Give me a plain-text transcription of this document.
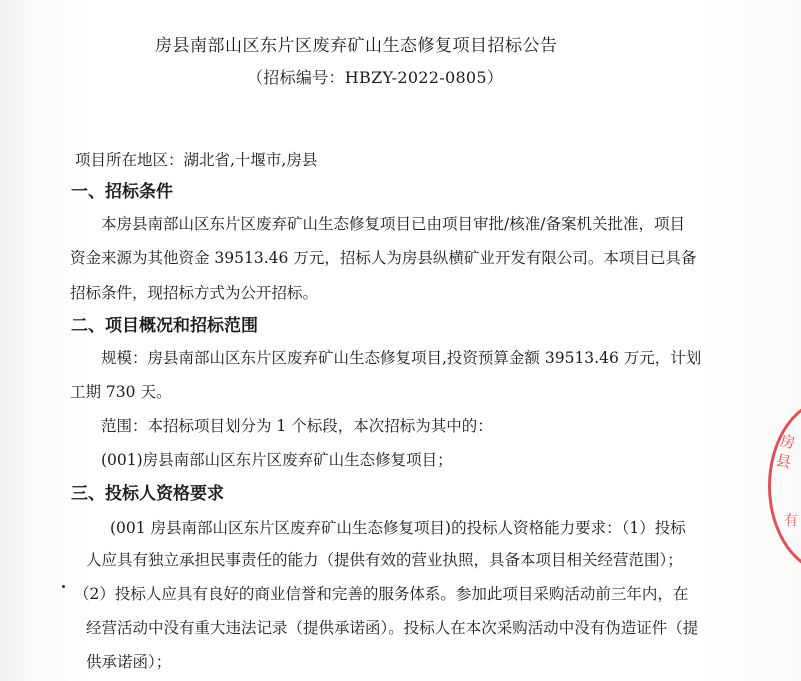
房县南部山区东片区废弃矿山生态修复项目招标公告
（招标编号：HBZY-2022-0805）
项目所在地区：湖北省,十堰市,房县
一、招标条件
本房县南部山区东片区废弃矿山生态修复项目已由项目审批/核准/备案机关批准，项目
资金来源为其他资金 39513.46 万元，招标人为房县纵横矿业开发有限公司。本项目已具备
招标条件，现招标方式为公开招标。
二、项目概况和招标范围
规模：房县南部山区东片区废弃矿山生态修复项目,投资预算金额 39513.46 万元，计划
工期 730 天。
范围：本招标项目划分为 1 个标段，本次招标为其中的：
(001)房县南部山区东片区废弃矿山生态修复项目；
三、投标人资格要求
(001 房县南部山区东片区废弃矿山生态修复项目)的投标人资格能力要求：（1）投标
人应具有独立承担民事责任的能力（提供有效的营业执照，具备本项目相关经营范围）；
（2）投标人应具有良好的商业信誉和完善的服务体系。参加此项目采购活动前三年内，在
经营活动中没有重大违法记录（提供承诺函）。投标人在本次采购活动中没有伪造证件（提
供承诺函）；
房县
有
